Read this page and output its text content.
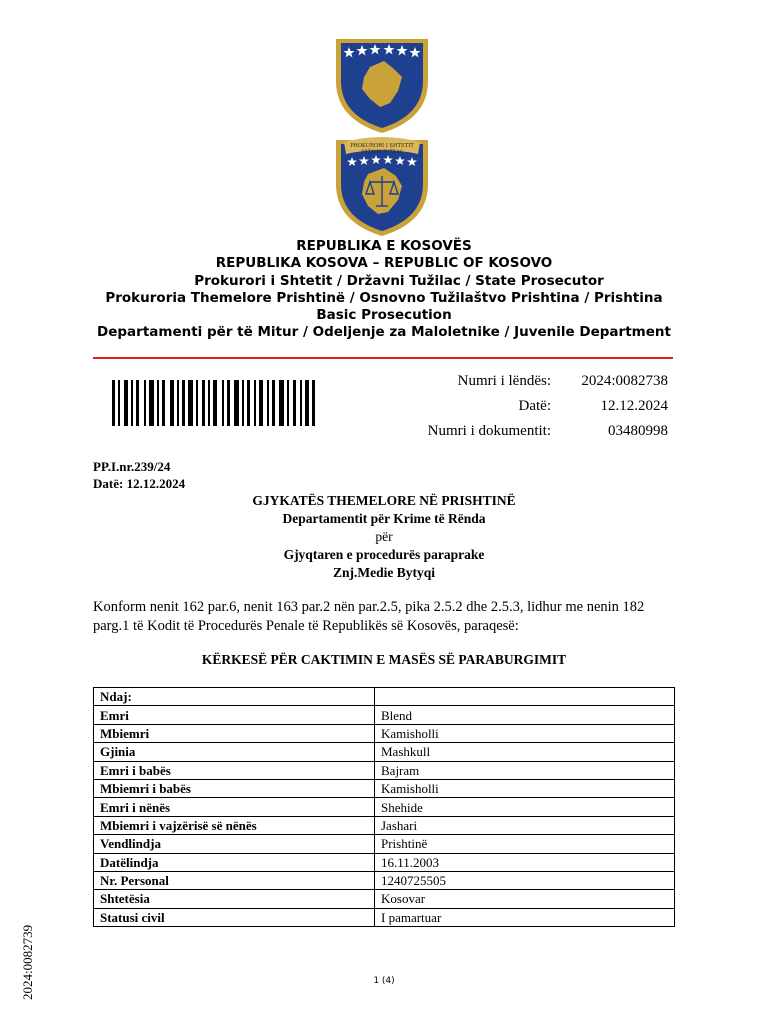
PROKURORI I SHTETIT
DRŽAVNI TUŽILAC
REPUBLIKA E KOSOVËS
REPUBLIKA KOSOVA – REPUBLIC OF KOSOVO
Prokurori i Shtetit / Državni Tužilac / State Prosecutor
Prokuroria Themelore Prishtinë / Osnovno Tužilaštvo Prishtina / Prishtina
Basic Prosecution
Departamenti për të Mitur / Odeljenje za Maloletnike / Juvenile Department
Numri i lëndës:	2024:0082738
Datë:	12.12.2024
Numri i dokumentit:	03480998
PP.I.nr.239/24
Datë: 12.12.2024
GJYKATËS THEMELORE NË PRISHTINË
Departamentit për Krime të Rënda
për
Gjyqtaren e procedurës paraprake
Znj.Medie Bytyqi
Konform nenit 162 par.6, nenit 163 par.2 nën par.2.5, pika 2.5.2 dhe 2.5.3, lidhur me nenin 182 parg.1 të Kodit të Procedurës Penale të Republikës së Kosovës, paraqesë:
KËRKESË PËR CAKTIMIN E MASËS SË PARABURGIMIT
Ndaj:	
Emri	Blend
Mbiemri	Kamisholli
Gjinia	Mashkull
Emri i babës	Bajram
Mbiemri i babës	Kamisholli
Emri i nënës	Shehide
Mbiemri i vajzërisë së nënës	Jashari
Vendlindja	Prishtinë
Datëlindja	16.11.2003
Nr. Personal	1240725505
Shtetësia	Kosovar
Statusi civil	I pamartuar
2024:0082739	1 (4)
